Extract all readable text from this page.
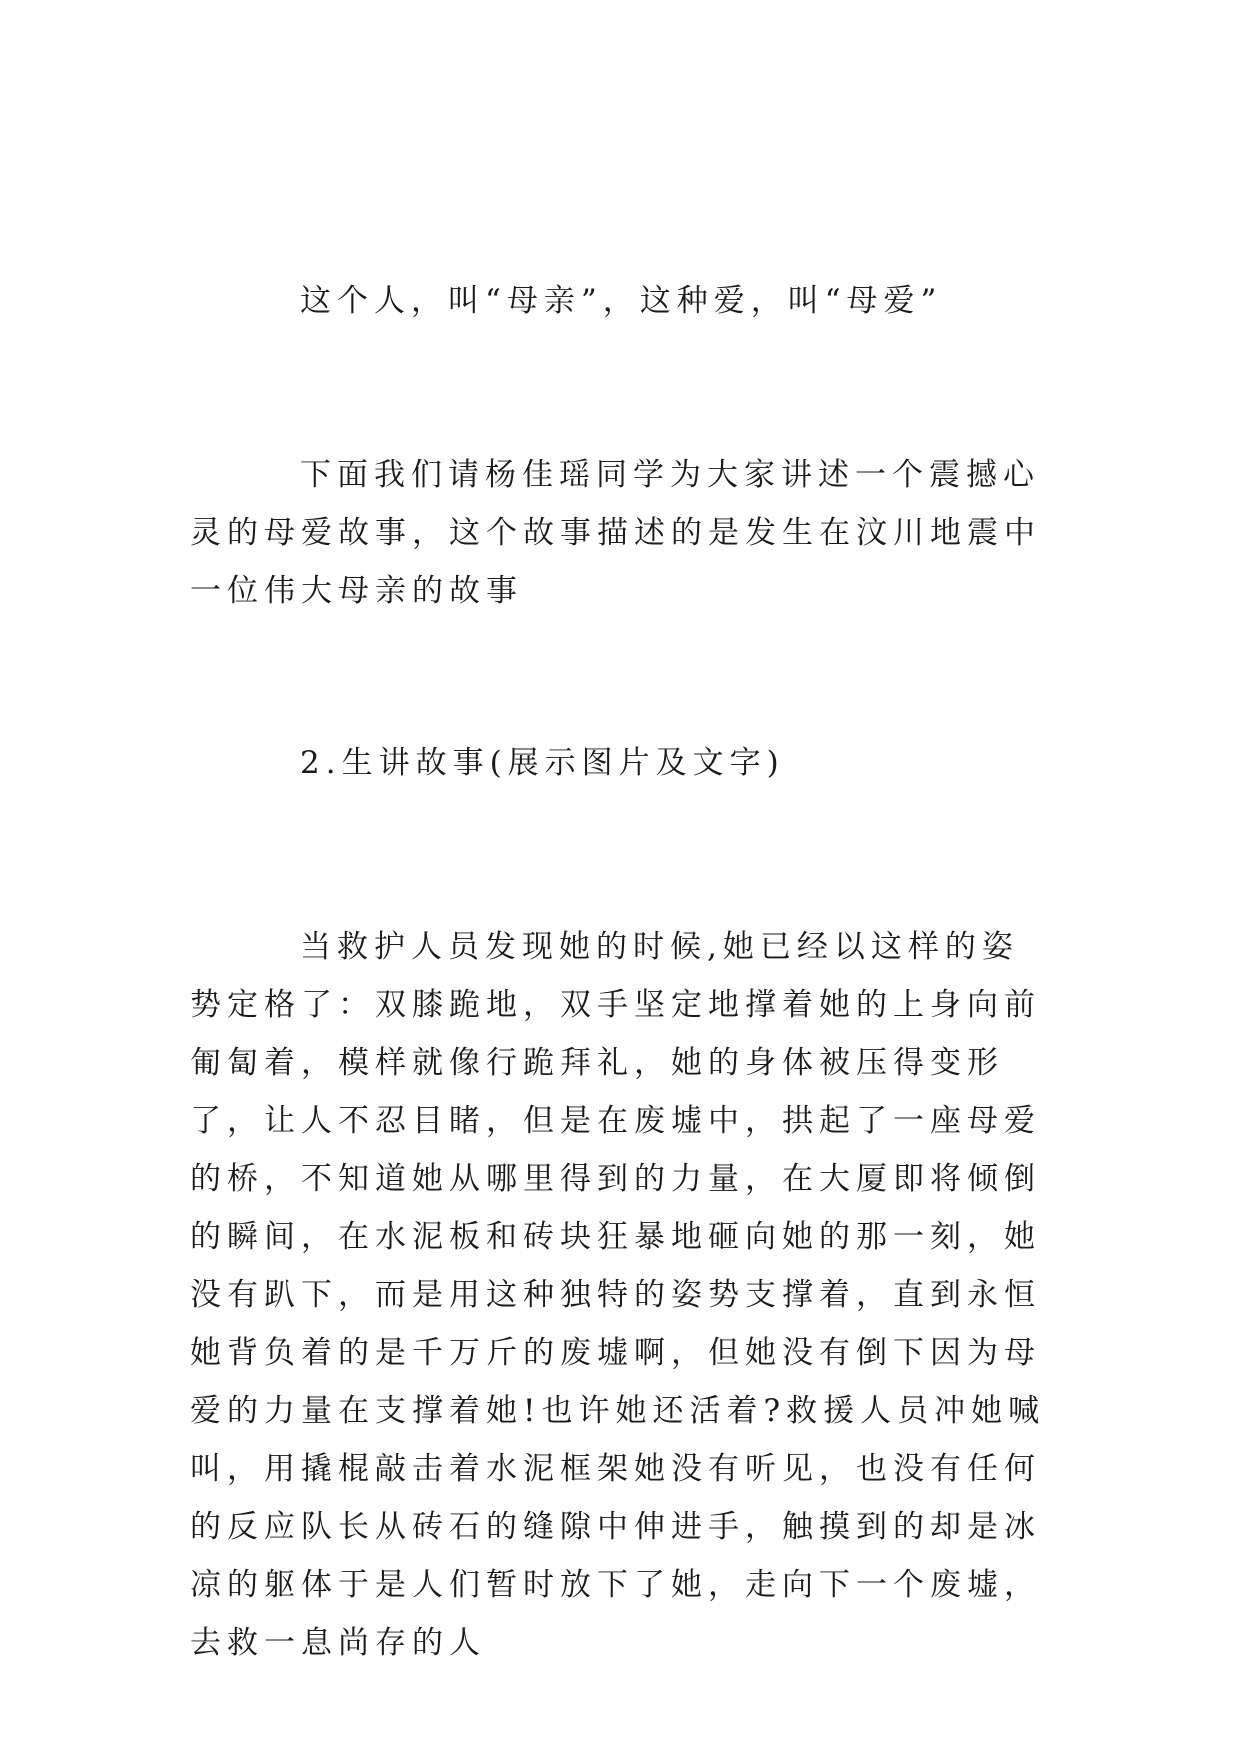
这个人，叫“母亲”，这种爱，叫“母爱”

下面我们请杨佳瑶同学为大家讲述一个震撼心灵的母爱故事，这个故事描述的是发生在汶川地震中一位伟大母亲的故事

2.生讲故事(展示图片及文字)

当救护人员发现她的时候,她已经以这样的姿势定格了：双膝跪地，双手坚定地撑着她的上身向前匍匐着，模样就像行跪拜礼，她的身体被压得变形了，让人不忍目睹，但是在废墟中，拱起了一座母爱的桥，不知道她从哪里得到的力量，在大厦即将倾倒的瞬间，在水泥板和砖块狂暴地砸向她的那一刻，她没有趴下，而是用这种独特的姿势支撑着，直到永恒她背负着的是千万斤的废墟啊，但她没有倒下因为母爱的力量在支撑着她!也许她还活着?救援人员冲她喊叫，用撬棍敲击着水泥框架她没有听见，也没有任何的反应队长从砖石的缝隙中伸进手，触摸到的却是冰凉的躯体于是人们暂时放下了她，走向下一个废墟，去救一息尚存的人
